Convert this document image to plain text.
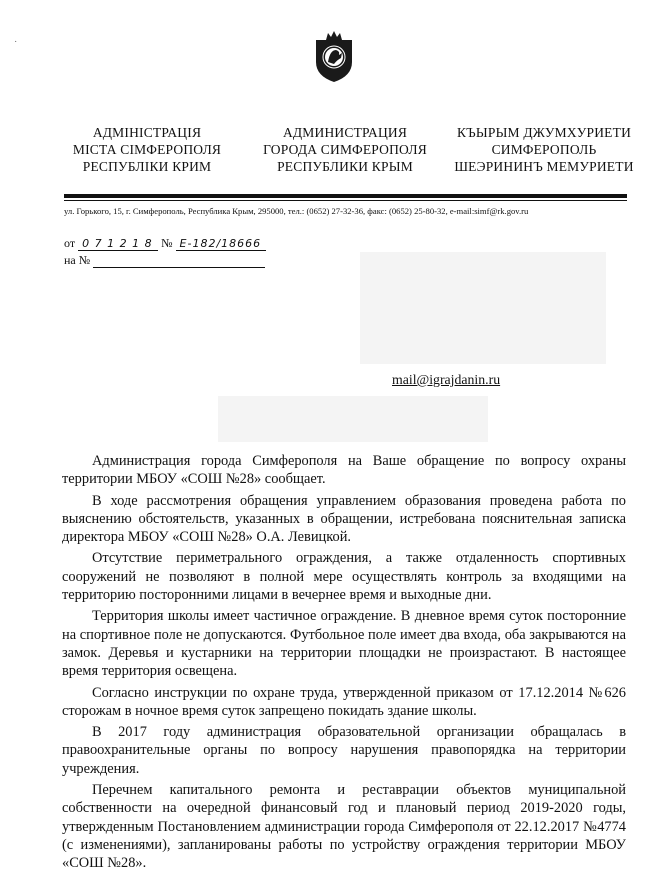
˙
АДМІНІСТРАЦІЯ
МІСТА СІМФЕРОПОЛЯ
РЕСПУБЛІКИ КРИМ
АДМИНИСТРАЦИЯ
ГОРОДА СИМФЕРОПОЛЯ
РЕСПУБЛИКИ КРЫМ
КЪЫРЫМ ДЖУМХУРИЕТИ
СИМФЕРОПОЛЬ
ШЕЭРИНИНЪ МЕМУРИЕТИ
ул. Горького, 15, г. Симферополь, Республика Крым, 295000, тел.: (0652) 27-32-36, факс: (0652) 25-80-32, e-mail:simf@rk.gov.ru
от 0 7 1 2 1 8 № E-182/18666
на №
mail@igrajdanin.ru

Администрация города Симферополя на Ваше обращение по вопросу охраны территории МБОУ «СОШ №28» сообщает.

В ходе рассмотрения обращения управлением образования проведена работа по выяснению обстоятельств, указанных в обращении, истребована пояснительная записка директора МБОУ «СОШ №28» О.А. Левицкой.

Отсутствие периметрального ограждения, а также отдаленность спортивных сооружений не позволяют в полной мере осуществлять контроль за входящими на территорию посторонними лицами в вечернее время и выходные дни.

Территория школы имеет частичное ограждение. В дневное время суток посторонние на спортивное поле не допускаются. Футбольное поле имеет два входа, оба закрываются на замок. Деревья и кустарники на территории площадки не произрастают. В настоящее время территория освещена.

Согласно инструкции по охране труда, утвержденной приказом от 17.12.2014 №626 сторожам в ночное время суток запрещено покидать здание школы.

В 2017 году администрация образовательной организации обращалась в правоохранительные органы по вопросу нарушения правопорядка на территории учреждения.

Перечнем капитального ремонта и реставрации объектов муниципальной собственности на очередной финансовый год и плановый период 2019-2020 годы, утвержденным Постановлением администрации города Симферополя от 22.12.2017 №4774 (с изменениями), запланированы работы по устройству ограждения территории МБОУ «СОШ №28».
